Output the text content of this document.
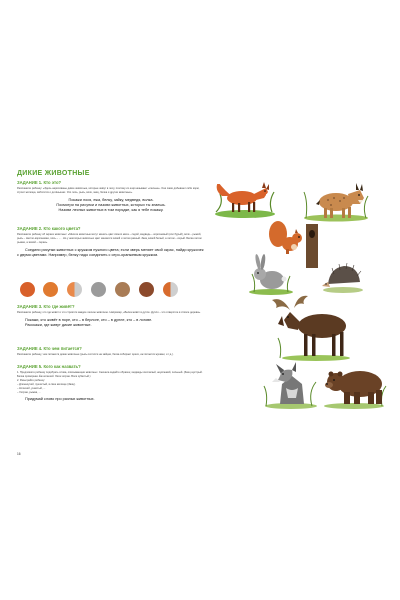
ДИКИЕ ЖИВОТНЫЕ
ЗАДАНИЕ 1. Кто это?
Расскажите ребенку: «Здесь нарисованы дикие животные, которые живут в лесу, поэтому их ещё называют «лесные». Они сами добывают себе корм, строят жилища, заботятся о детёнышах. Это лось, рысь, волк, заяц, белка и другие животные».
Покажи лося, ежа, белку, зайку, медведя, волка.
Посмотри на рисунки и назови животных, которых ты знаешь.
Назови лесных животных в том порядке, как я тебе покажу.
ЗАДАНИЕ 2. Кто какого цвета?
Расскажите ребенку об окрасе животных: «Многие животные могут менять цвет своего меха – седой, медведь – коричневый (или бурый), волк – рыжий, рысь – светло-коричневая, лось – ... . Но у некоторых животных цвет меняется зимой и летом разный. Заяц зимой белый, а летом – серый. Белка летом рыжая, а зимой – серая».
Соедини рисунки животных с кружком нужного цвета; если зверь меняет свой окрас, найди кружочек с двумя цветами. Например, белку надо соединить с серо-оранжевым кружком.
ЗАДАНИЕ 3. Кто где живёт?
Расскажите ребенку, кто где живёт и что строится каждое лесное животное. Например, «Белка живёт в дупле. Дупло – это отверстие в стволе дерева».
Покажи, кто живёт в норе, кто – в берлоге, кто – в дупле, кто – в логове.
Расскажи, где живут дикие животные.
ЗАДАНИЕ 4. Кто чем питается?
Расскажите ребенку, чем питаются дикие животные (рысь охотится на зайцев, белка собирает орехи, еж питается жуками, и т.д.).
ЗАДАНИЕ 5. Кого как назвать?
1. Предложите ребенку подобрать слова, описывающие животных. Сначала задайте образец: медведь косолапый, неуклюжий, сильный. (Заяц шустрый. Белка проворная. Ёж колючий. Лиса хитрая. Волк зубастый.)
2. Разыграйте ребенку:
– Длинноухий, пушистый, в свое жилище (Заяц).
– Колючий, ушастый, ...
– Хитрая, рыжая, ...
Придумай слово про разных животных.
16
